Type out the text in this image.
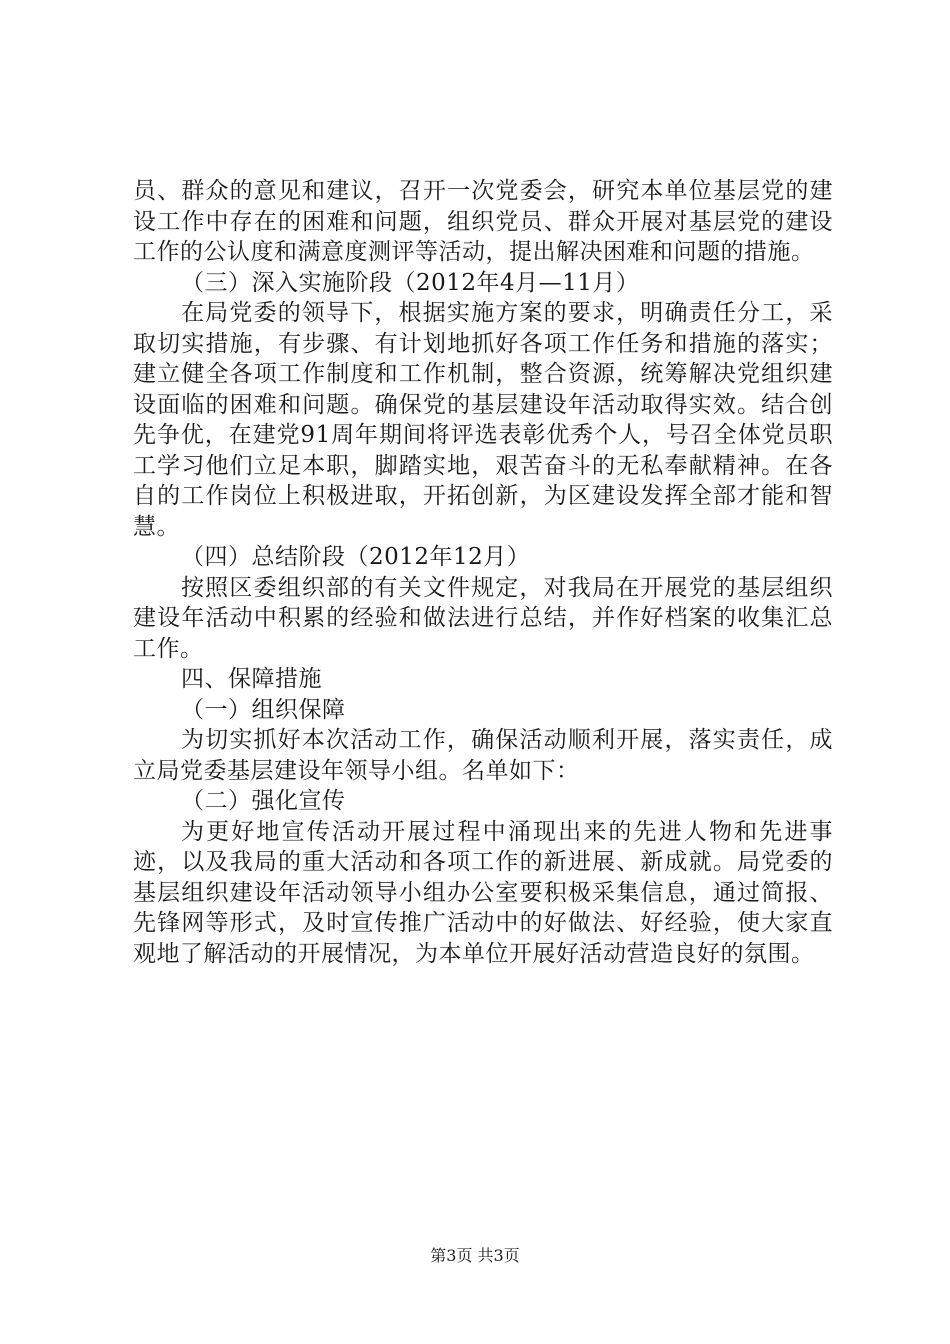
员、群众的意见和建议，召开一次党委会，研究本单位基层党的建设工作中存在的困难和问题，组织党员、群众开展对基层党的建设工作的公认度和满意度测评等活动，提出解决困难和问题的措施。

（三）深入实施阶段（2012年4月—11月）

在局党委的领导下，根据实施方案的要求，明确责任分工，采取切实措施，有步骤、有计划地抓好各项工作任务和措施的落实；建立健全各项工作制度和工作机制，整合资源，统筹解决党组织建设面临的困难和问题。确保党的基层建设年活动取得实效。结合创先争优，在建党91周年期间将评选表彰优秀个人，号召全体党员职工学习他们立足本职，脚踏实地，艰苦奋斗的无私奉献精神。在各自的工作岗位上积极进取，开拓创新，为区建设发挥全部才能和智慧。

（四）总结阶段（2012年12月）

按照区委组织部的有关文件规定，对我局在开展党的基层组织建设年活动中积累的经验和做法进行总结，并作好档案的收集汇总工作。

四、保障措施

（一）组织保障

为切实抓好本次活动工作，确保活动顺利开展，落实责任，成立局党委基层建设年领导小组。名单如下：

（二）强化宣传

为更好地宣传活动开展过程中涌现出来的先进人物和先进事迹，以及我局的重大活动和各项工作的新进展、新成就。局党委的基层组织建设年活动领导小组办公室要积极采集信息，通过简报、先锋网等形式，及时宣传推广活动中的好做法、好经验，使大家直观地了解活动的开展情况，为本单位开展好活动营造良好的氛围。

第3页 共3页
